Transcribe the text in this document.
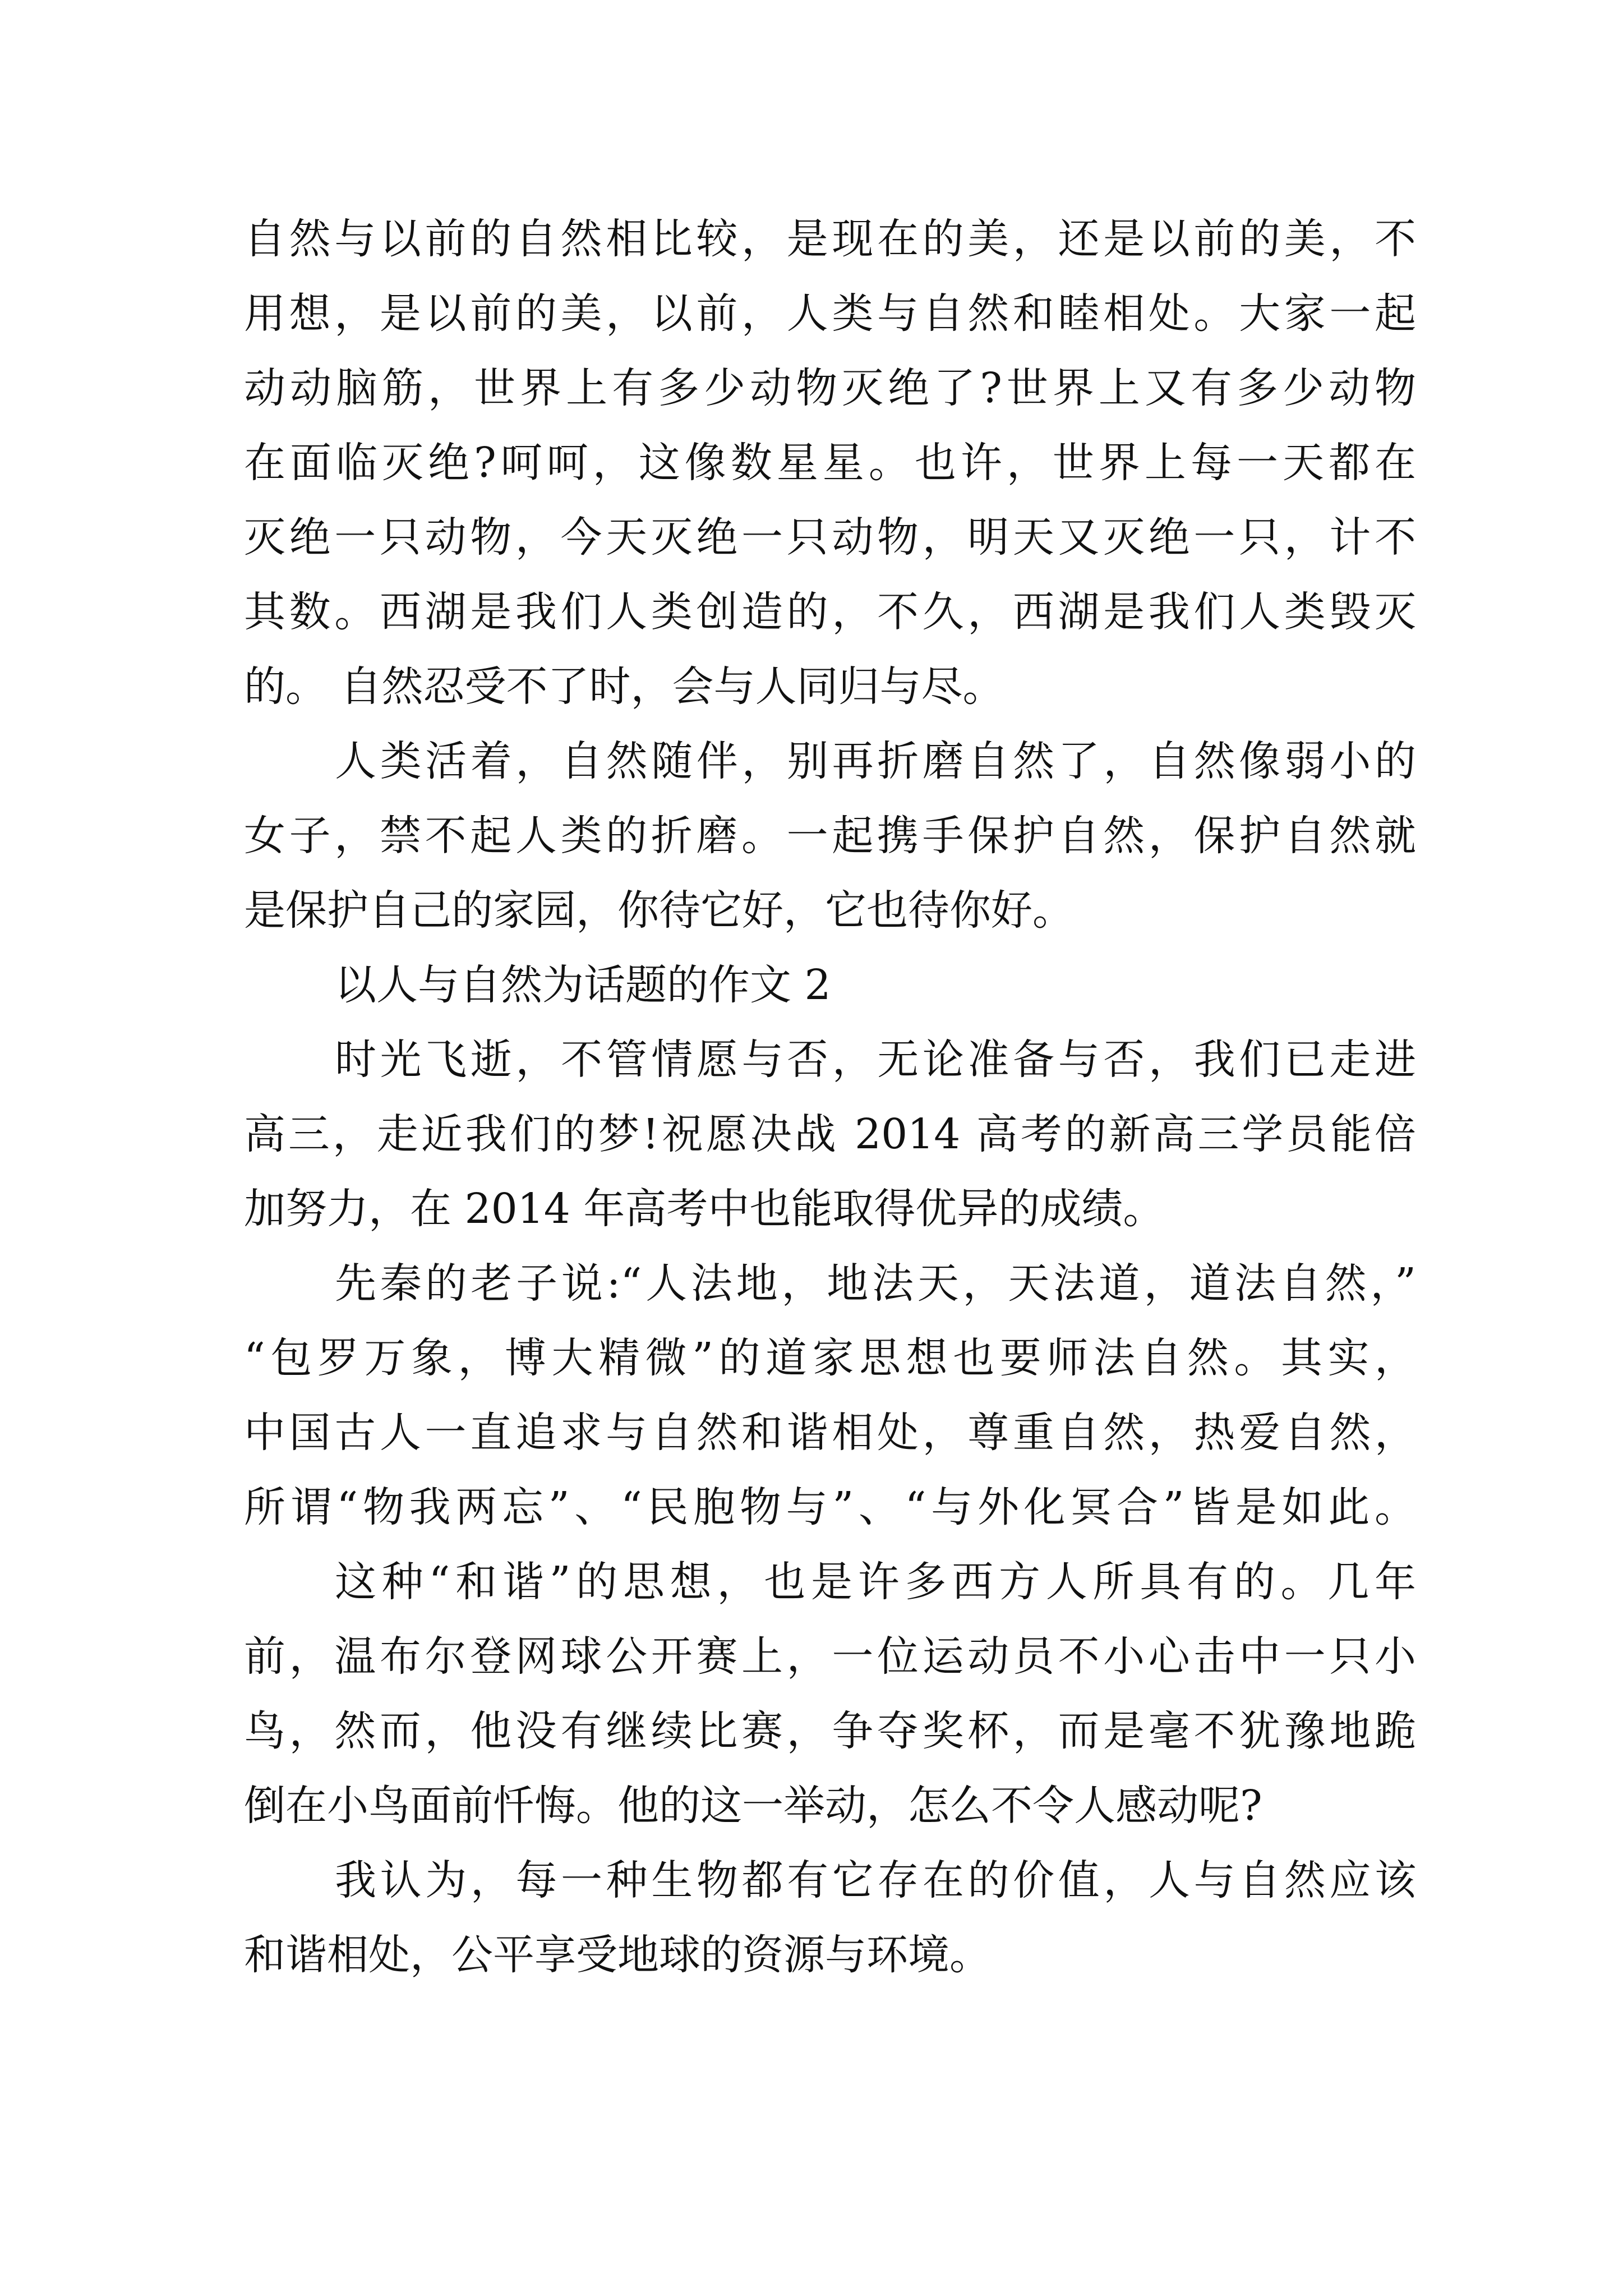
自然与以前的自然相比较，是现在的美，还是以前的美，不
用想，是以前的美，以前，人类与自然和睦相处。大家一起
动动脑筋，世界上有多少动物灭绝了?世界上又有多少动物
在面临灭绝?呵呵，这像数星星。也许，世界上每一天都在
灭绝一只动物，今天灭绝一只动物，明天又灭绝一只，计不
其数。西湖是我们人类创造的，不久，西湖是我们人类毁灭
的。 自然忍受不了时，会与人同归与尽。
人类活着，自然随伴，别再折磨自然了，自然像弱小的
女子，禁不起人类的折磨。一起携手保护自然，保护自然就
是保护自己的家园，你待它好，它也待你好。
以人与自然为话题的作文 2
时光飞逝，不管情愿与否，无论准备与否，我们已走进
高三，走近我们的梦!祝愿决战 2014 高考的新高三学员能倍
加努力，在 2014 年高考中也能取得优异的成绩。
先秦的老子说:“人法地，地法天，天法道，道法自然，”
“包罗万象，博大精微”的道家思想也要师法自然。其实，
中国古人一直追求与自然和谐相处，尊重自然，热爱自然，
所谓“物我两忘”、“民胞物与”、“与外化冥合”皆是如此。
这种“和谐”的思想，也是许多西方人所具有的。几年
前，温布尔登网球公开赛上，一位运动员不小心击中一只小
鸟，然而，他没有继续比赛，争夺奖杯，而是毫不犹豫地跪
倒在小鸟面前忏悔。他的这一举动，怎么不令人感动呢?
我认为，每一种生物都有它存在的价值，人与自然应该
和谐相处，公平享受地球的资源与环境。
